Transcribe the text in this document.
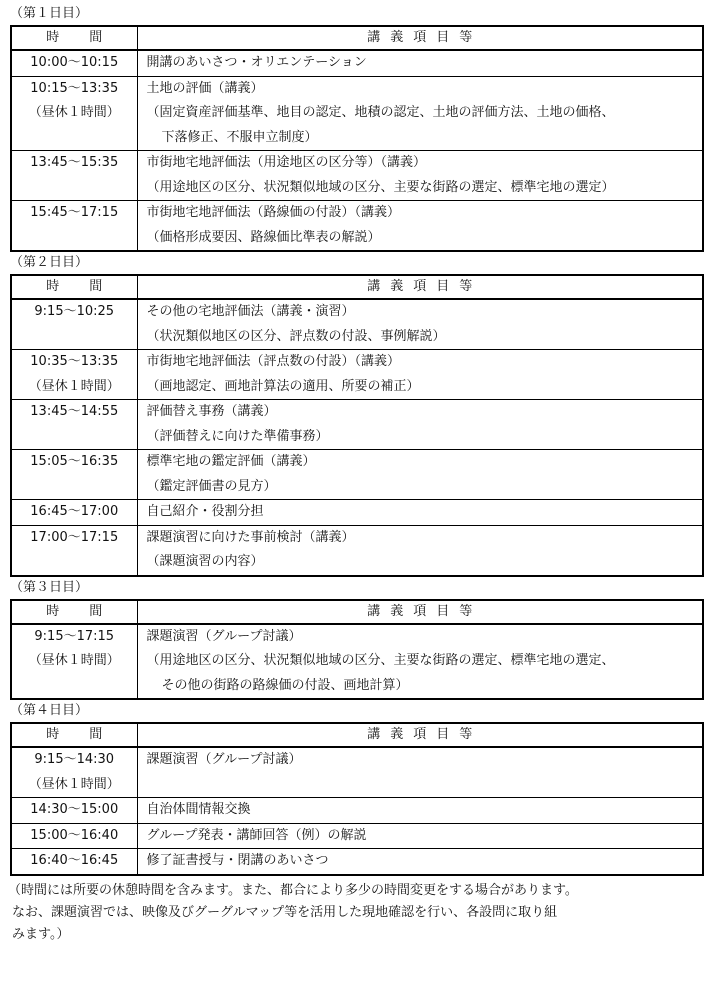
（第１日目）
時間	講義項目等

10:00～10:15	開講のあいさつ・オリエンテーション

10:15～13:35
（昼休１時間）	土地の評価（講義）
（固定資産評価基準、地目の認定、地積の認定、土地の評価方法、土地の価格、
下落修正、不服申立制度）

13:45～15:35	市街地宅地評価法（用途地区の区分等）（講義）
（用途地区の区分、状況類似地域の区分、主要な街路の選定、標準宅地の選定）

15:45～17:15	市街地宅地評価法（路線価の付設）（講義）
（価格形成要因、路線価比準表の解説）
（第２日目）
時間	講義項目等

9:15～10:25	その他の宅地評価法（講義・演習）
（状況類似地区の区分、評点数の付設、事例解説）

10:35～13:35
（昼休１時間）	市街地宅地評価法（評点数の付設）（講義）
（画地認定、画地計算法の適用、所要の補正）

13:45～14:55	評価替え事務（講義）
（評価替えに向けた準備事務）

15:05～16:35	標準宅地の鑑定評価（講義）
（鑑定評価書の見方）

16:45～17:00	自己紹介・役割分担

17:00～17:15	課題演習に向けた事前検討（講義）
（課題演習の内容）
（第３日目）
時間	講義項目等

9:15～17:15
（昼休１時間）	課題演習（グループ討議）
（用途地区の区分、状況類似地域の区分、主要な街路の選定、標準宅地の選定、
その他の街路の路線価の付設、画地計算）
（第４日目）
時間	講義項目等

9:15～14:30
（昼休１時間）	課題演習（グループ討議）

14:30～15:00	自治体間情報交換

15:00～16:40	グループ発表・講師回答（例）の解説

16:40～16:45	修了証書授与・閉講のあいさつ
（時間には所要の休憩時間を含みます。また、都合により多少の時間変更をする場合があります。
なお、課題演習では、映像及びグーグルマップ等を活用した現地確認を行い、各設問に取り組
みます。）
